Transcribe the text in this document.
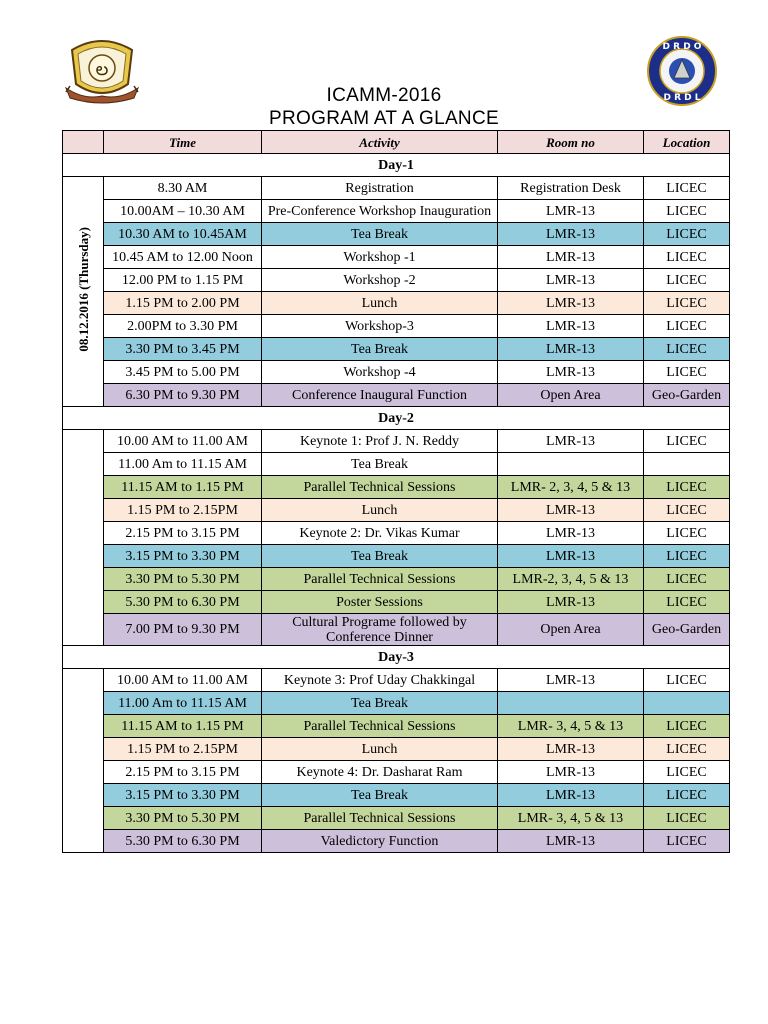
ల
D R D O
D R D L
ICAMM-2016
PROGRAM AT A GLANCE
	Time	Activity	Room no	Location
Day-1				
08.12.2016 (Thursday)	8.30 AM	Registration	Registration Desk	LICEC
	10.00AM – 10.30 AM	Pre-Conference Workshop Inauguration	LMR-13	LICEC
	10.30 AM to 10.45AM	Tea Break	LMR-13	LICEC
	10.45 AM to 12.00 Noon	Workshop -1	LMR-13	LICEC
	12.00 PM to 1.15 PM	Workshop -2	LMR-13	LICEC
	1.15 PM to 2.00 PM	Lunch	LMR-13	LICEC
	2.00PM to 3.30 PM	Workshop-3	LMR-13	LICEC
	3.30 PM to 3.45 PM	Tea Break	LMR-13	LICEC
	3.45 PM to 5.00 PM	Workshop -4	LMR-13	LICEC
	6.30 PM to 9.30 PM	Conference Inaugural Function	Open Area	Geo-Garden
Day-2				
	10.00 AM to 11.00 AM	Keynote 1: Prof J. N. Reddy	LMR-13	LICEC
	11.00 Am to 11.15 AM	Tea Break		
	11.15 AM to 1.15 PM	Parallel Technical Sessions	LMR- 2, 3, 4, 5 & 13	LICEC
	1.15 PM to 2.15PM	Lunch	LMR-13	LICEC
	2.15 PM to 3.15 PM	Keynote 2: Dr. Vikas Kumar	LMR-13	LICEC
	3.15 PM to 3.30 PM	Tea Break	LMR-13	LICEC
	3.30 PM to 5.30 PM	Parallel Technical Sessions	LMR-2, 3, 4, 5 & 13	LICEC
	5.30 PM to 6.30 PM	Poster Sessions	LMR-13	LICEC
	7.00 PM to 9.30 PM	Cultural Programe followed by Conference Dinner	Open Area	Geo-Garden
Day-3				
	10.00 AM to 11.00 AM	Keynote 3: Prof Uday Chakkingal	LMR-13	LICEC
	11.00 Am to 11.15 AM	Tea Break		
	11.15 AM to 1.15 PM	Parallel Technical Sessions	LMR- 3, 4, 5 & 13	LICEC
	1.15 PM to 2.15PM	Lunch	LMR-13	LICEC
	2.15 PM to 3.15 PM	Keynote 4: Dr. Dasharat Ram	LMR-13	LICEC
	3.15 PM to 3.30 PM	Tea Break	LMR-13	LICEC
	3.30 PM to 5.30 PM	Parallel Technical Sessions	LMR- 3, 4, 5 & 13	LICEC
	5.30 PM to 6.30 PM	Valedictory Function	LMR-13	LICEC
